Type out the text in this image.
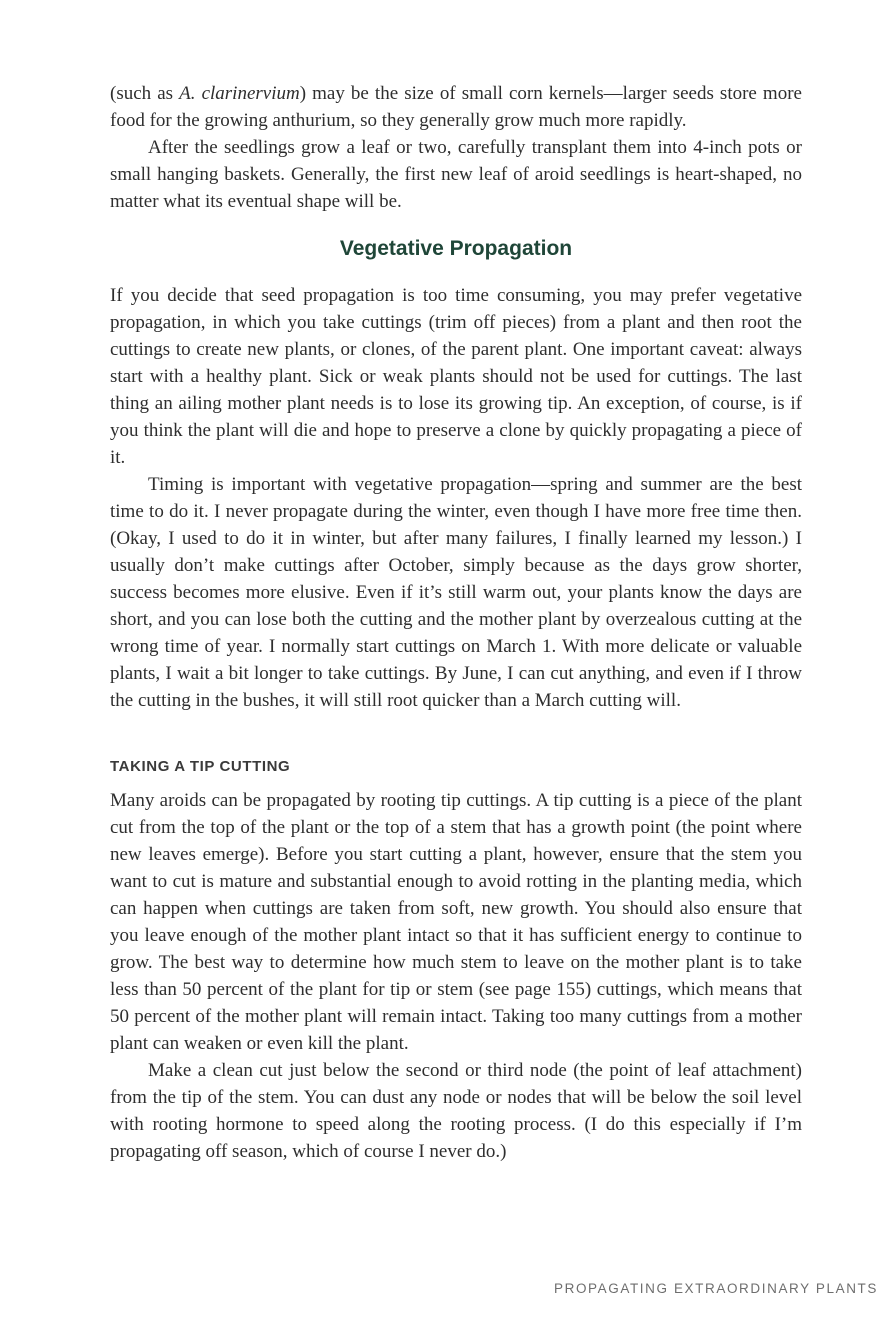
(such as A. clarinervium) may be the size of small corn kernels—larger seeds store more food for the growing anthurium, so they generally grow much more rapidly.

After the seedlings grow a leaf or two, carefully transplant them into 4-inch pots or small hanging baskets. Generally, the first new leaf of aroid seedlings is heart-shaped, no matter what its eventual shape will be.

Vegetative Propagation

If you decide that seed propagation is too time consuming, you may prefer vegetative propagation, in which you take cuttings (trim off pieces) from a plant and then root the cuttings to create new plants, or clones, of the parent plant. One important caveat: always start with a healthy plant. Sick or weak plants should not be used for cuttings. The last thing an ailing mother plant needs is to lose its growing tip. An exception, of course, is if you think the plant will die and hope to preserve a clone by quickly propagating a piece of it.

Timing is important with vegetative propagation—spring and summer are the best time to do it. I never propagate during the winter, even though I have more free time then. (Okay, I used to do it in winter, but after many failures, I finally learned my lesson.) I usually don’t make cuttings after October, simply because as the days grow shorter, success becomes more elusive. Even if it’s still warm out, your plants know the days are short, and you can lose both the cutting and the mother plant by overzealous cutting at the wrong time of year. I normally start cuttings on March 1. With more delicate or valuable plants, I wait a bit longer to take cuttings. By June, I can cut anything, and even if I throw the cutting in the bushes, it will still root quicker than a March cutting will.

TAKING A TIP CUTTING

Many aroids can be propagated by rooting tip cuttings. A tip cutting is a piece of the plant cut from the top of the plant or the top of a stem that has a growth point (the point where new leaves emerge). Before you start cutting a plant, however, ensure that the stem you want to cut is mature and substantial enough to avoid rotting in the planting media, which can happen when cuttings are taken from soft, new growth. You should also ensure that you leave enough of the mother plant intact so that it has sufficient energy to continue to grow. The best way to determine how much stem to leave on the mother plant is to take less than 50 percent of the plant for tip or stem (see page 155) cuttings, which means that 50 percent of the mother plant will remain intact. Taking too many cuttings from a mother plant can weaken or even kill the plant.

Make a clean cut just below the second or third node (the point of leaf attachment) from the tip of the stem. You can dust any node or nodes that will be below the soil level with rooting hormone to speed along the rooting process. (I do this especially if I’m propagating off season, which of course I never do.)

PROPAGATING EXTRAORDINARY PLANTS
